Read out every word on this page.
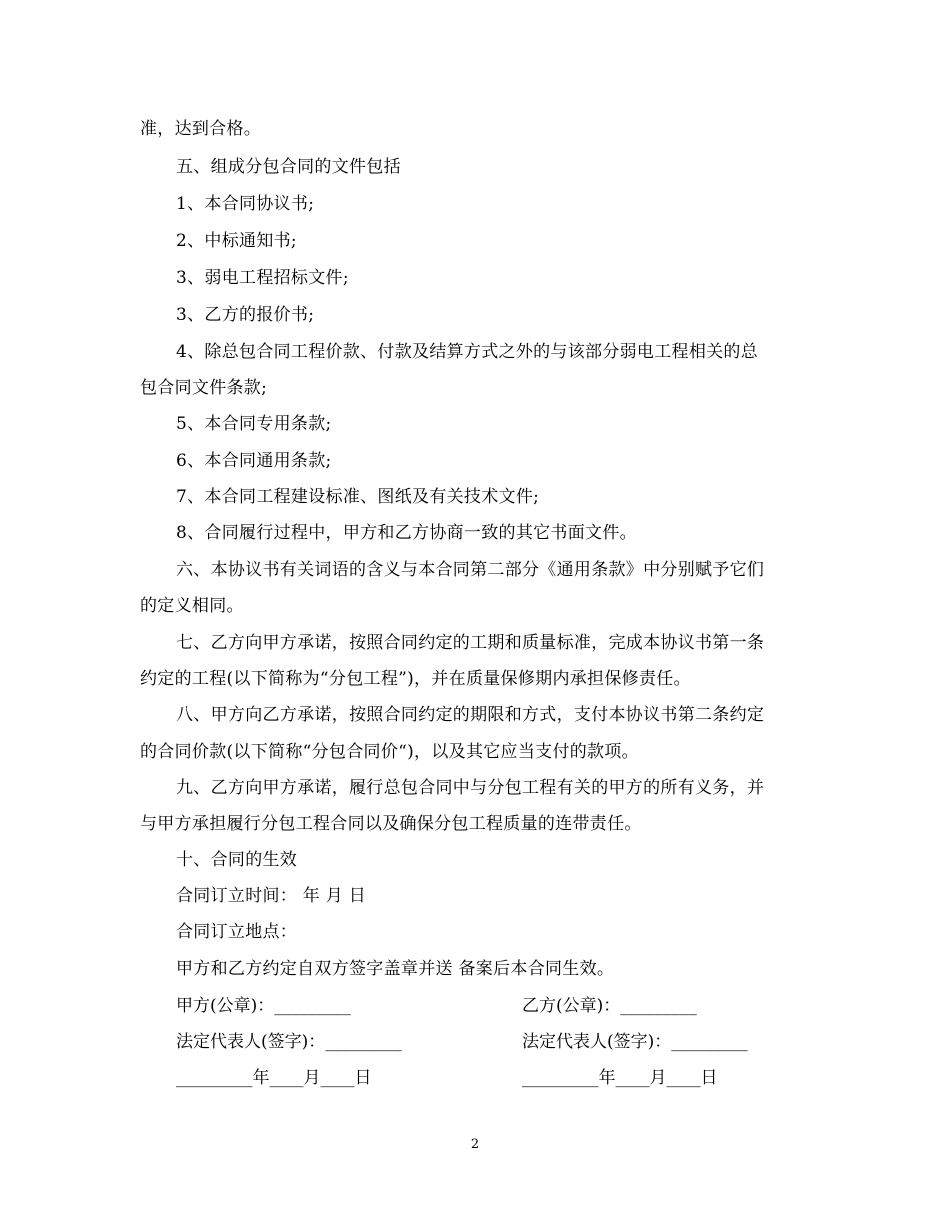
准，达到合格。
五、组成分包合同的文件包括
1、本合同协议书;
2、中标通知书;
3、弱电工程招标文件;
3、乙方的报价书;
4、除总包合同工程价款、付款及结算方式之外的与该部分弱电工程相关的总
包合同文件条款;
5、本合同专用条款;
6、本合同通用条款;
7、本合同工程建设标准、图纸及有关技术文件;
8、合同履行过程中，甲方和乙方协商一致的其它书面文件。
六、本协议书有关词语的含义与本合同第二部分《通用条款》中分别赋予它们
的定义相同。
七、乙方向甲方承诺，按照合同约定的工期和质量标准，完成本协议书第一条
约定的工程(以下简称为“分包工程”)，并在质量保修期内承担保修责任。
八、甲方向乙方承诺，按照合同约定的期限和方式，支付本协议书第二条约定
的合同价款(以下简称“分包合同价“)，以及其它应当支付的款项。
九、乙方向甲方承诺，履行总包合同中与分包工程有关的甲方的所有义务，并
与甲方承担履行分包工程合同以及确保分包工程质量的连带责任。
十、合同的生效
合同订立时间： 年 月 日
合同订立地点：
甲方和乙方约定自双方签字盖章并送 备案后本合同生效。
甲方(公章)：_________	乙方(公章)：_________
法定代表人(签字)：_________	法定代表人(签字)：_________
_________年____月____日	_________年____月____日
2
